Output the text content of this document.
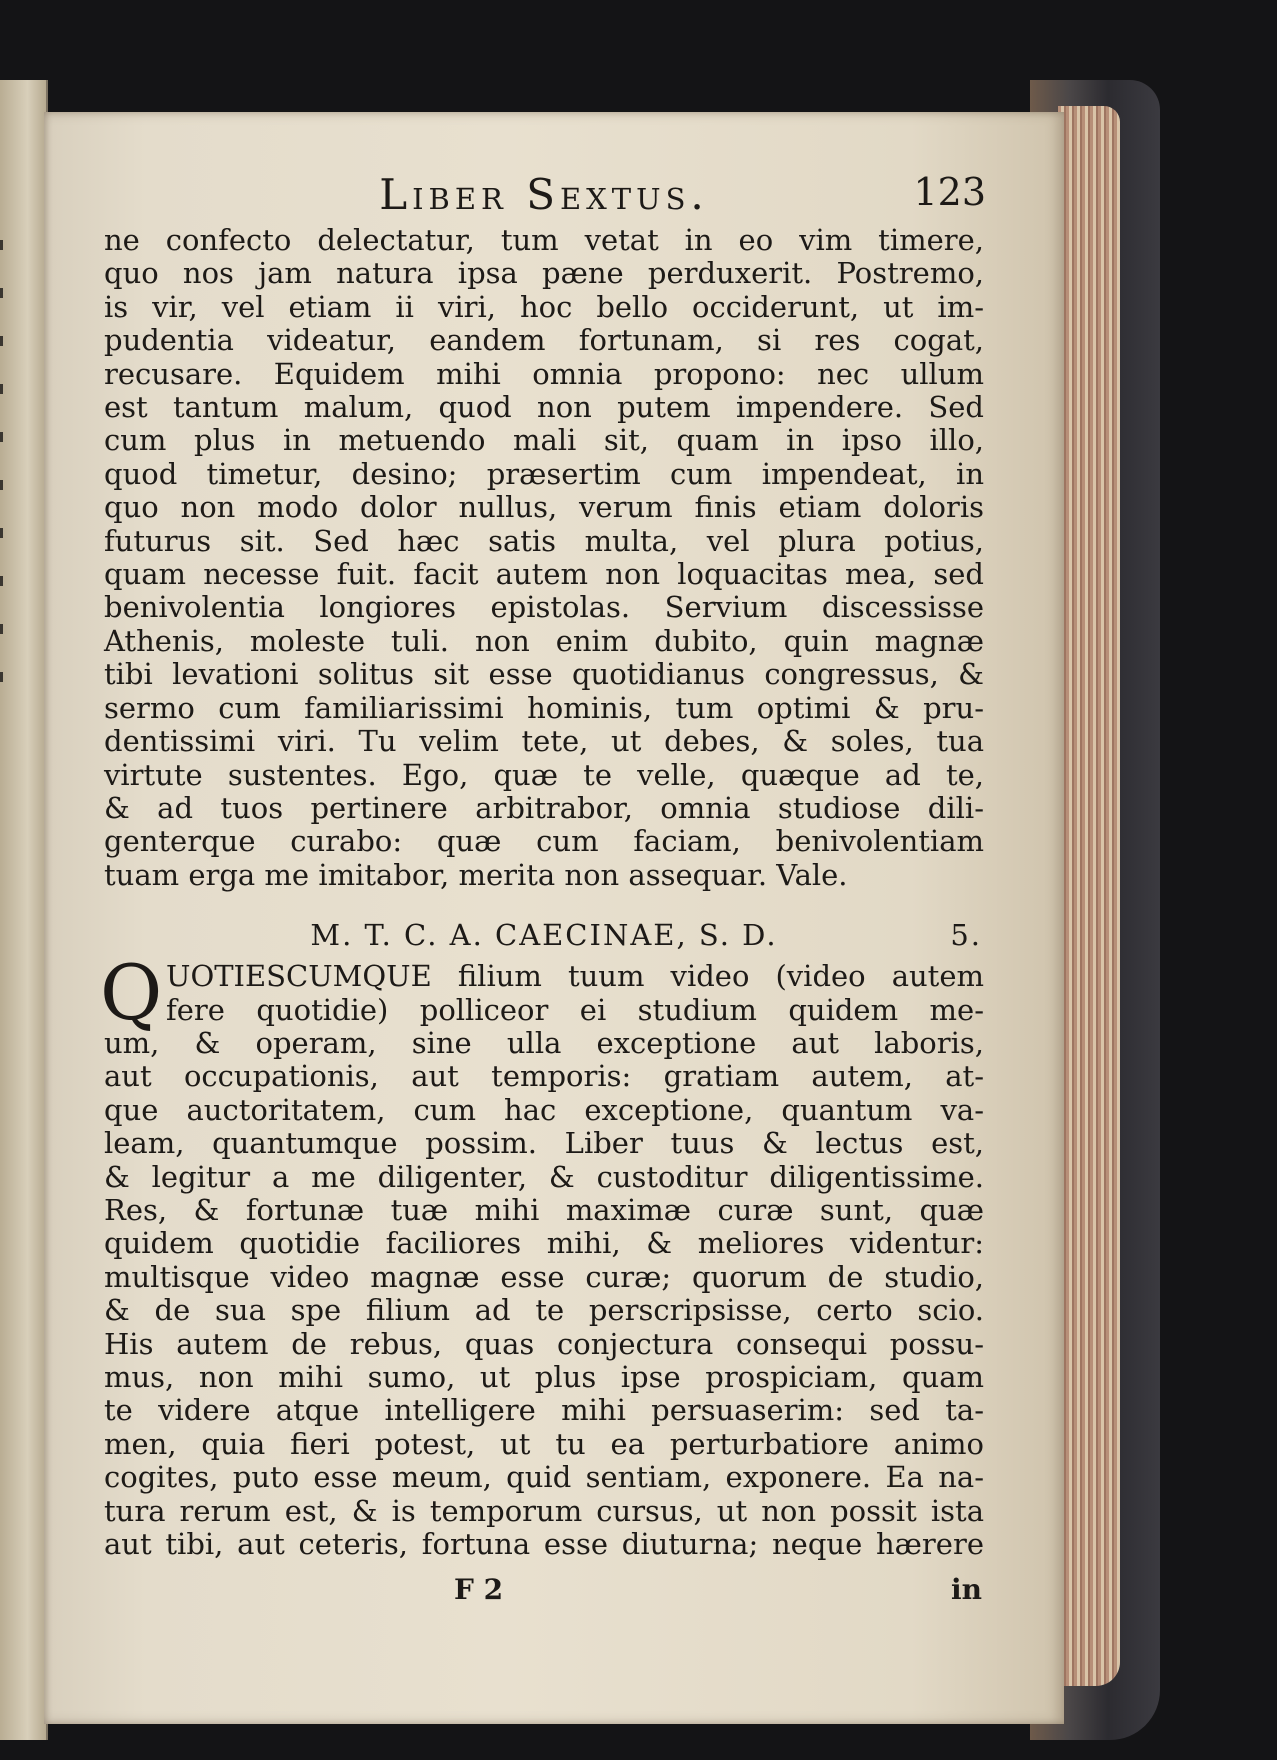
Liber Sextus.	123
ne confecto delectatur, tum vetat in eo vim timere,
quo nos jam natura ipsa pæne perduxerit. Postremo,
is vir, vel etiam ii viri, hoc bello occiderunt, ut im-
pudentia videatur, eandem fortunam, si res cogat,
recusare. Equidem mihi omnia propono: nec ullum
est tantum malum, quod non putem impendere. Sed
cum plus in metuendo mali sit, quam in ipso illo,
quod timetur, desino; præsertim cum impendeat, in
quo non modo dolor nullus, verum finis etiam doloris
futurus sit. Sed hæc satis multa, vel plura potius,
quam necesse fuit. facit autem non loquacitas mea, sed
benivolentia longiores epistolas. Servium discessisse
Athenis, moleste tuli. non enim dubito, quin magnæ
tibi levationi solitus sit esse quotidianus congressus, &
sermo cum familiarissimi hominis, tum optimi & pru-
dentissimi viri. Tu velim tete, ut debes, & soles, tua
virtute sustentes. Ego, quæ te velle, quæque ad te,
& ad tuos pertinere arbitrabor, omnia studiose dili-
genterque curabo: quæ cum faciam, benivolentiam
tuam erga me imitabor, merita non assequar. Vale.
M. T. C. A. CAECINAE, S. D.	5.
Q UOTIESCUMQUE filium tuum video (video autem
fere quotidie) polliceor ei studium quidem me-
um, & operam, sine ulla exceptione aut laboris,
aut occupationis, aut temporis: gratiam autem, at-
que auctoritatem, cum hac exceptione, quantum va-
leam, quantumque possim. Liber tuus & lectus est,
& legitur a me diligenter, & custoditur diligentissime.
Res, & fortunæ tuæ mihi maximæ curæ sunt, quæ
quidem quotidie faciliores mihi, & meliores videntur:
multisque video magnæ esse curæ; quorum de studio,
& de sua spe filium ad te perscripsisse, certo scio.
His autem de rebus, quas conjectura consequi possu-
mus, non mihi sumo, ut plus ipse prospiciam, quam
te videre atque intelligere mihi persuaserim: sed ta-
men, quia fieri potest, ut tu ea perturbatiore animo
cogites, puto esse meum, quid sentiam, exponere. Ea na-
tura rerum est, & is temporum cursus, ut non possit ista
aut tibi, aut ceteris, fortuna esse diuturna; neque hærere
F 2	in
